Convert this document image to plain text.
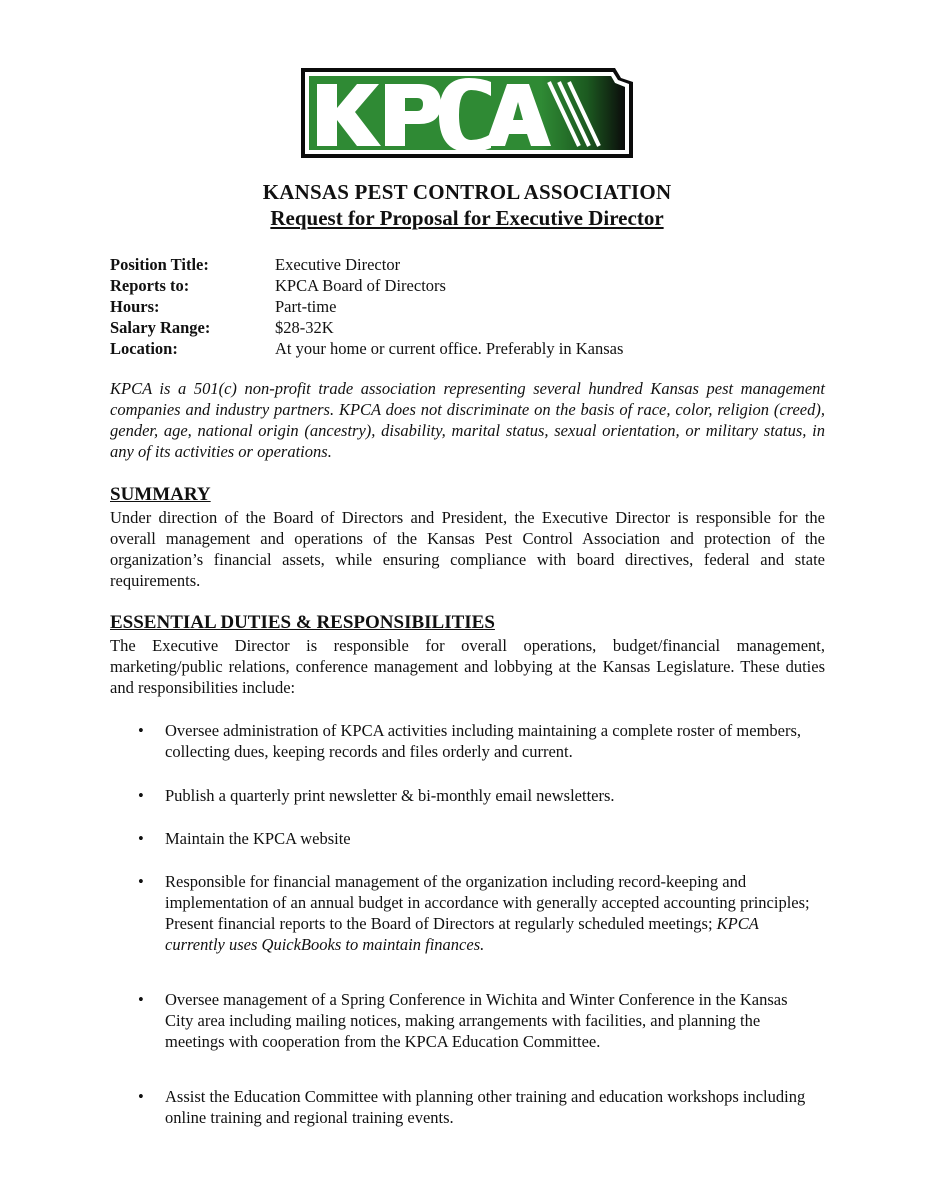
KANSAS PEST CONTROL ASSOCIATION
Request for Proposal for Executive Director
Position Title:	Executive Director
Reports to:	KPCA Board of Directors
Hours:	Part-time
Salary Range:	$28-32K
Location:	At your home or current office. Preferably in Kansas
KPCA is a 501(c) non-profit trade association representing several hundred Kansas pest management companies and industry partners. KPCA does not discriminate on the basis of race, color, religion (creed), gender, age, national origin (ancestry), disability, marital status, sexual orientation, or military status, in any of its activities or operations.
SUMMARY
Under direction of the Board of Directors and President, the Executive Director is responsible for the overall management and operations of the Kansas Pest Control Association and protection of the organization’s financial assets, while ensuring compliance with board directives, federal and state requirements.
ESSENTIAL DUTIES & RESPONSIBILITIES
The Executive Director is responsible for overall operations, budget/financial management, marketing/public relations, conference management and lobbying at the Kansas Legislature. These duties and responsibilities include:
•	Oversee administration of KPCA activities including maintaining a complete roster of members, collecting dues, keeping records and files orderly and current.
•	Publish a quarterly print newsletter & bi-monthly email newsletters.
•	Maintain the KPCA website
•	Responsible for financial management of the organization including record-keeping and implementation of an annual budget in accordance with generally accepted accounting principles; Present financial reports to the Board of Directors at regularly scheduled meetings; KPCA currently uses QuickBooks to maintain finances.
•	Oversee management of a Spring Conference in Wichita and Winter Conference in the Kansas City area including mailing notices, making arrangements with facilities, and planning the meetings with cooperation from the KPCA Education Committee.
•	Assist the Education Committee with planning other training and education workshops including online training and regional training events.
